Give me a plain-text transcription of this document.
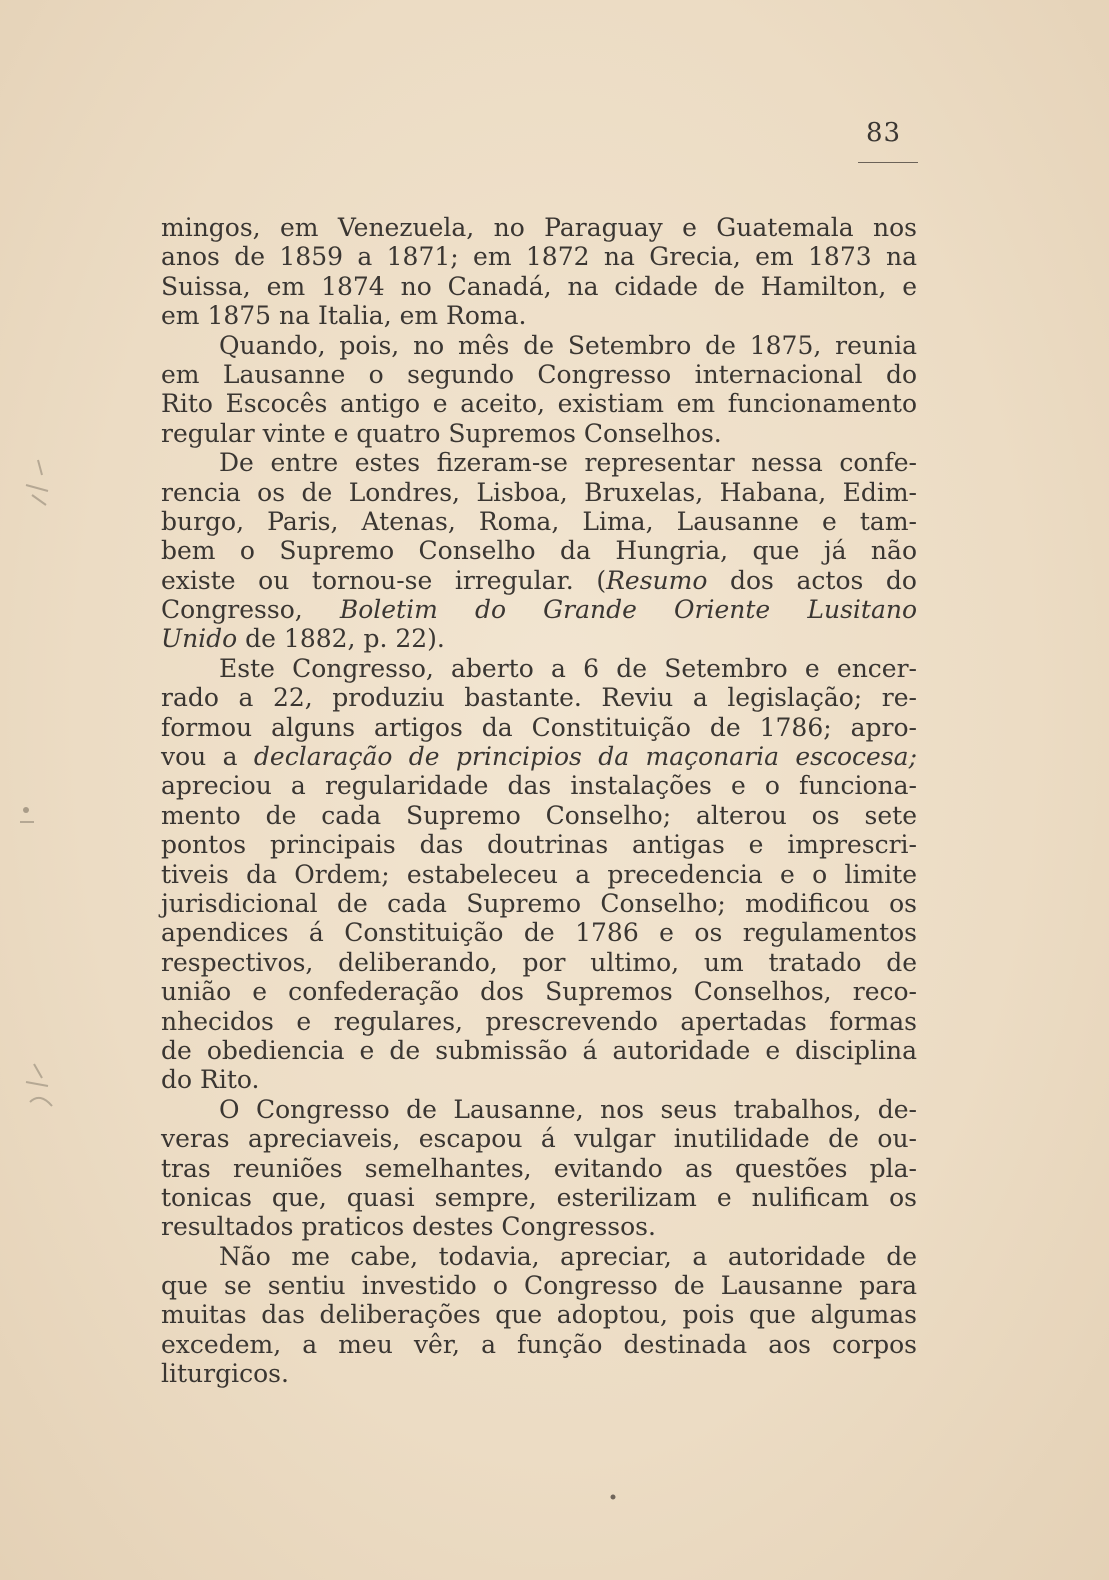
83
mingos, em Venezuela, no Paraguay e Guatemala nos
anos de 1859 a 1871; em 1872 na Grecia, em 1873 na
Suissa, em 1874 no Canadá, na cidade de Hamilton, e
em 1875 na Italia, em Roma.
Quando, pois, no mês de Setembro de 1875, reunia
em Lausanne o segundo Congresso internacional do
Rito Escocês antigo e aceito, existiam em funcionamento
regular vinte e quatro Supremos Conselhos.
De entre estes fizeram-se representar nessa confe-
rencia os de Londres, Lisboa, Bruxelas, Habana, Edim-
burgo, Paris, Atenas, Roma, Lima, Lausanne e tam-
bem o Supremo Conselho da Hungria, que já não
existe ou tornou-se irregular. (Resumo dos actos do
Congresso, Boletim do Grande Oriente Lusitano
Unido de 1882, p. 22).
Este Congresso, aberto a 6 de Setembro e encer-
rado a 22, produziu bastante. Reviu a legislação; re-
formou alguns artigos da Constituição de 1786; apro-
vou a declaração de principios da maçonaria escocesa;
apreciou a regularidade das instalações e o funciona-
mento de cada Supremo Conselho; alterou os sete
pontos principais das doutrinas antigas e imprescri-
tiveis da Ordem; estabeleceu a precedencia e o limite
jurisdicional de cada Supremo Conselho; modificou os
apendices á Constituição de 1786 e os regulamentos
respectivos, deliberando, por ultimo, um tratado de
união e confederação dos Supremos Conselhos, reco-
nhecidos e regulares, prescrevendo apertadas formas
de obediencia e de submissão á autoridade e disciplina
do Rito.
O Congresso de Lausanne, nos seus trabalhos, de-
veras apreciaveis, escapou á vulgar inutilidade de ou-
tras reuniões semelhantes, evitando as questões pla-
tonicas que, quasi sempre, esterilizam e nulificam os
resultados praticos destes Congressos.
Não me cabe, todavia, apreciar, a autoridade de
que se sentiu investido o Congresso de Lausanne para
muitas das deliberações que adoptou, pois que algumas
excedem, a meu vêr, a função destinada aos corpos
liturgicos.
